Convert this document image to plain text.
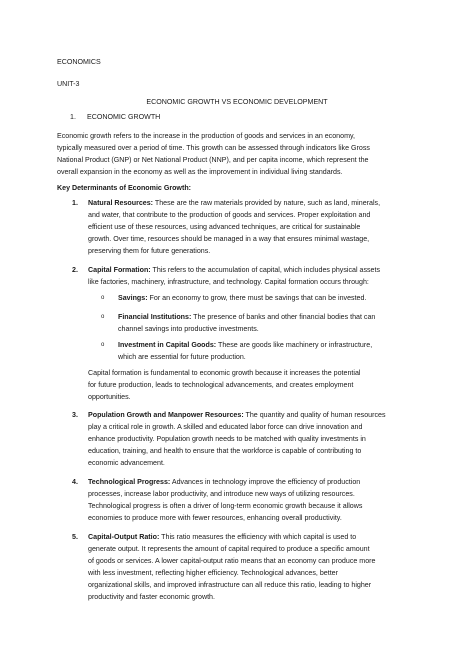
ECONOMICS
UNIT-3
ECONOMIC GROWTH VS ECONOMIC DEVELOPMENT
1. ECONOMIC GROWTH
Economic growth refers to the increase in the production of goods and services in an economy,
typically measured over a period of time. This growth can be assessed through indicators like Gross
National Product (GNP) or Net National Product (NNP), and per capita income, which represent the
overall expansion in the economy as well as the improvement in individual living standards.
Key Determinants of Economic Growth:
1. Natural Resources: These are the raw materials provided by nature, such as land, minerals,
and water, that contribute to the production of goods and services. Proper exploitation and
efficient use of these resources, using advanced techniques, are critical for sustainable
growth. Over time, resources should be managed in a way that ensures minimal wastage,
preserving them for future generations.
2. Capital Formation: This refers to the accumulation of capital, which includes physical assets
like factories, machinery, infrastructure, and technology. Capital formation occurs through:
o Savings: For an economy to grow, there must be savings that can be invested.
o Financial Institutions: The presence of banks and other financial bodies that can
channel savings into productive investments.
o Investment in Capital Goods: These are goods like machinery or infrastructure,
which are essential for future production.
Capital formation is fundamental to economic growth because it increases the potential
for future production, leads to technological advancements, and creates employment
opportunities.
3. Population Growth and Manpower Resources: The quantity and quality of human resources
play a critical role in growth. A skilled and educated labor force can drive innovation and
enhance productivity. Population growth needs to be matched with quality investments in
education, training, and health to ensure that the workforce is capable of contributing to
economic advancement.
4. Technological Progress: Advances in technology improve the efficiency of production
processes, increase labor productivity, and introduce new ways of utilizing resources.
Technological progress is often a driver of long-term economic growth because it allows
economies to produce more with fewer resources, enhancing overall productivity.
5. Capital-Output Ratio: This ratio measures the efficiency with which capital is used to
generate output. It represents the amount of capital required to produce a specific amount
of goods or services. A lower capital-output ratio means that an economy can produce more
with less investment, reflecting higher efficiency. Technological advances, better
organizational skills, and improved infrastructure can all reduce this ratio, leading to higher
productivity and faster economic growth.
